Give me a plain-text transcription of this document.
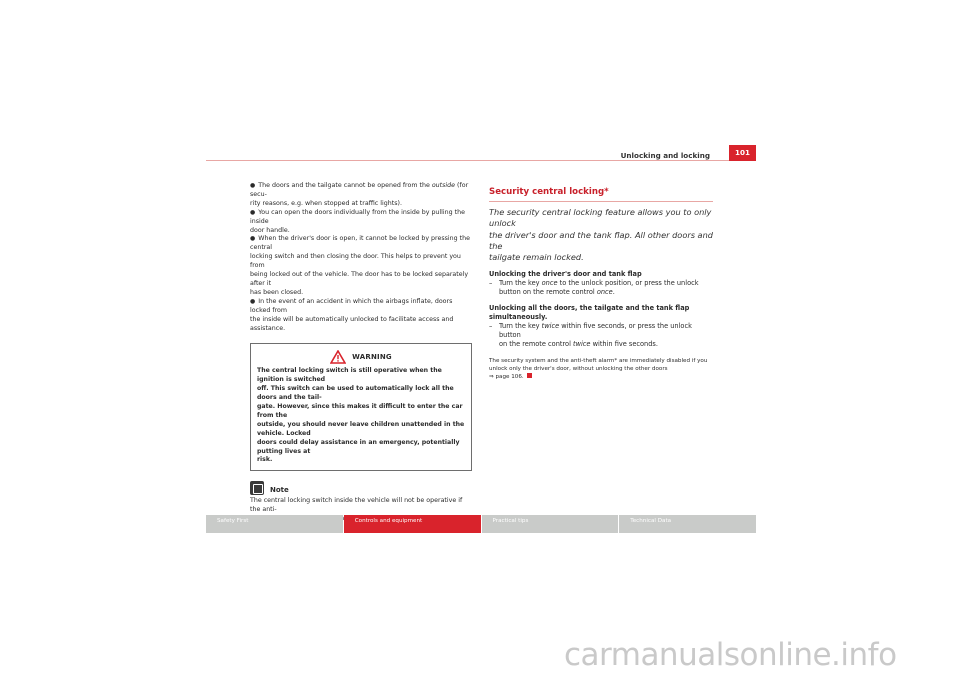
Unlocking and locking	101
● The doors and the tailgate cannot be opened from the outside (for secu-
rity reasons, e.g. when stopped at traffic lights).
● You can open the doors individually from the inside by pulling the inside
door handle.
● When the driver's door is open, it cannot be locked by pressing the central
locking switch and then closing the door. This helps to prevent you from
being locked out of the vehicle. The door has to be locked separately after it
has been closed.
● In the event of an accident in which the airbags inflate, doors locked from
the inside will be automatically unlocked to facilitate access and assistance.
WARNING
The central locking switch is still operative when the ignition is switched
off. This switch can be used to automatically lock all the doors and the tail-
gate. However, since this makes it difficult to enter the car from the
outside, you should never leave children unattended in the vehicle. Locked
doors could delay assistance in an emergency, potentially putting lives at
risk.
Note
The central locking switch inside the vehicle will not be operative if the anti-

Security central locking*
The security central locking feature allows you to only unlock
the driver's door and the tank flap. All other doors and the
tailgate remain locked.
Unlocking the driver's door and tank flap
–	Turn the key once to the unlock position, or press the unlock
button on the remote control once.
Unlocking all the doors, the tailgate and the tank flap
simultaneously.
–	Turn the key twice within five seconds, or press the unlock button
on the remote control twice within five seconds.
The security system and the anti-theft alarm* are immediately disabled if you
unlock only the driver's door, without unlocking the other doors
⇒ page 106.
Safety First	Controls and equipment	Practical tips	Technical Data
carmanualsonline.info
